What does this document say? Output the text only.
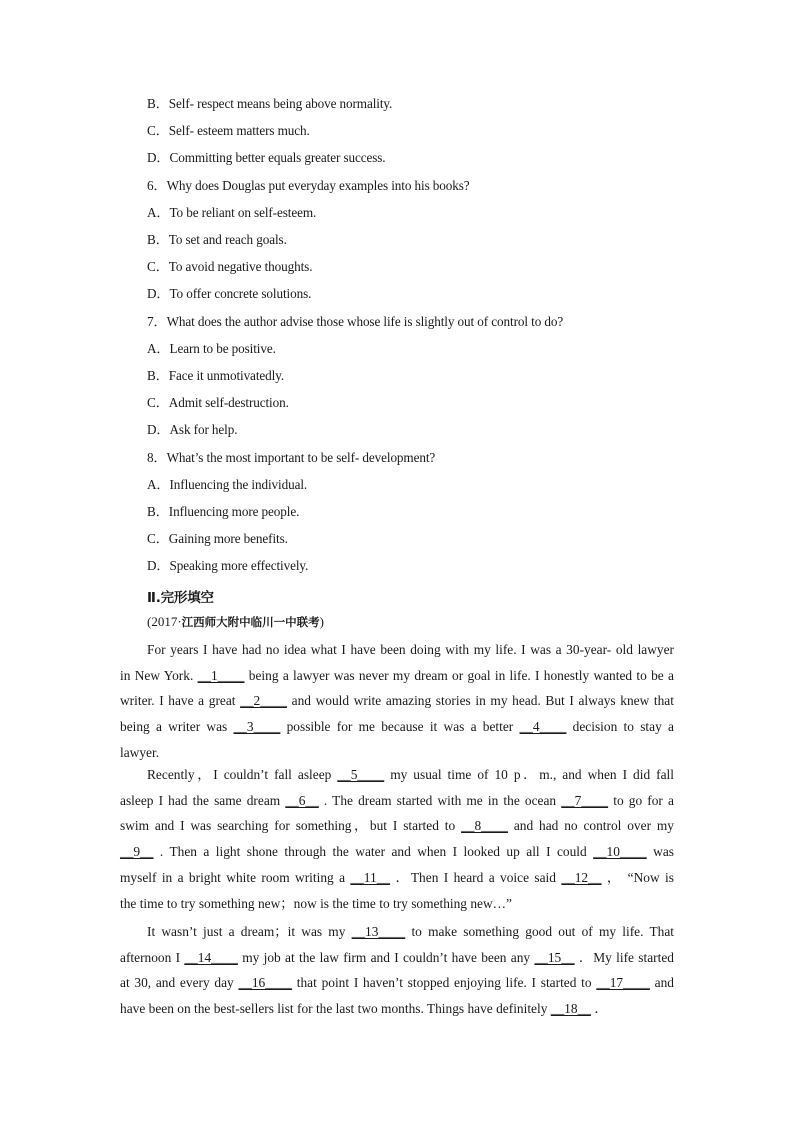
B．Self- respect means being above normality.
C．Self- esteem matters much.
D．Committing better equals greater success.
6．Why does Douglas put everyday examples into his books?
A．To be reliant on self-esteem.
B．To set and reach goals.
C．To avoid negative thoughts.
D．To offer concrete solutions.
7．What does the author advise those whose life is slightly out of control to do?
A．Learn to be positive.
B．Face it unmotivatedly.
C．Admit self-destruction.
D．Ask for help.
8．What’s the most important to be self- development?
A．Influencing the individual.
B．Influencing more people.
C．Gaining more benefits.
D．Speaking more effectively.
Ⅱ.完形填空
(2017·江西师大附中临川一中联考)
For years I have had no idea what I have been doing with my life. I was a 30-year- old lawyer
in New York. __1____ being a lawyer was never my dream or goal in life. I honestly wanted to be a
writer. I have a great __2____ and would write amazing stories in my head. But I always knew that
being a writer was __3____ possible for me because it was a better __4____ decision to stay a
lawyer.
Recently，I couldn’t fall asleep __5____ my usual time of 10 p．m., and when I did fall
asleep I had the same dream __6__ . The dream started with me in the ocean __7____ to go for a
swim and I was searching for something，but I started to __8____ and had no control over my
__9__ . Then a light shone through the water and when I looked up all I could __10____ was
myself in a bright white room writing a __11__ ．Then I heard a voice said __12__ ， “Now is
the time to try something new；now is the time to try something new…”
It wasn’t just a dream；it was my __13____ to make something good out of my life. That
afternoon I __14____ my job at the law firm and I couldn’t have been any __15__ ．My life started
at 30, and every day __16____ that point I haven’t stopped enjoying life. I started to __17____ and
have been on the best-sellers list for the last two months. Things have definitely __18__ ．
